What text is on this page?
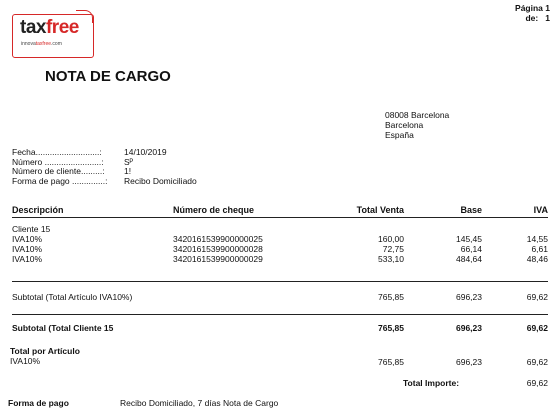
taxfree
innovataxfree.com
Página 1
de:   1
NOTA DE CARGO
08008 Barcelona
Barcelona
España
Fecha...........................:	14/10/2019
Número ........................: Sᴾ
Número de cliente.........: 1!
Forma de pago ..............: Recibo Domiciliado
Descripción	Número de cheque	Total Venta	Base	IVA
Cliente 15
IVA10%	3420161539900000025	160,00	145,45	14,55
IVA10%	3420161539900000028	72,75	66,14	6,61
IVA10%	3420161539900000029	533,10	484,64	48,46
Subtotal (Total Artículo IVA10%)	765,85	696,23	69,62
Subtotal (Total Cliente 15	765,85	696,23	69,62
Total por Artículo
IVA10%	765,85	696,23	69,62
Total Importe:	69,62
Forma de pago	Recibo Domiciliado, 7 días Nota de Cargo
